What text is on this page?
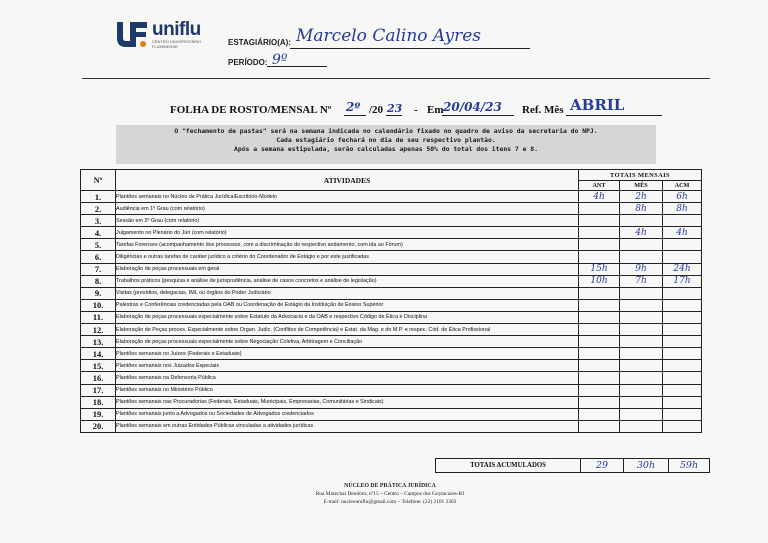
uniflu
CENTRO UNIVERSITÁRIO FLUMINENSE	ESTAGIÁRIO(A): Marcelo Calino Ayres
PERÍODO: 9º
FOLHA DE ROSTO/MENSAL Nº 2º /20 23 - Em 20/04/23 Ref. Mês ABRIL
O "fechamento de pastas" será na semana indicada no calendário fixado no quadro de aviso da secretaria do NPJ.
Cada estagiário fechará no dia de seu respectivo plantão.
Após a semana estipulada, serão calculadas apenas 50% do total dos itens 7 e 8.
Nº	ATIVIDADES	TOTAIS MENSAIS		
		ANT	MÊS	ACM
1.	Plantões semanais no Núcleo de Prática Jurídica/Escritório-Modelo	4h	2h	6h
2.	Audiência em 1º Grau (com relatório)		8h	8h
3.	Sessão em 2º Grau (com relatório)			
4.	Julgamento no Plenário do Júri (com relatório)		4h	4h
5.	Tarefas Forenses (acompanhamento dos processos, com a discriminação do respectivo andamento, com ida ao Fórum)			
6.	Diligências e outras tarefas de caráter jurídico a critério do Coordenador de Estágio e por este justificadas			
7.	Elaboração de peças processuais em geral	15h	9h	24h
8.	Trabalhos práticos (pesquisa e análise de jurisprudência, análise de casos concretos e análise de legislação)	10h	7h	17h
9.	Visitas (presídios, delegacias, IML ou órgãos do Poder Judiciário			
10.	Palestras e Conferências credenciadas pela OAB ou Coordenação de Estágio da Instituição de Ensino Superior			
11.	Elaboração de peças processuais especialmente sobre Estatuto da Advocacia e da OAB e respectivo Código de Ética e Disciplina			
12.	Elaboração de Peças proces. Especialmente sobre Organ. Judic. (Conflitos de Competência) e Estat. da Mag. e do M.P. e respec. Cód. de Ética Profissional			
13.	Elaboração de peças processuais especialmente sobre Negociação Coletiva, Arbitragem e Conciliação			
14.	Plantões semanais no Juizes (Federais e Estaduais)			
15.	Plantões semanais nos Juizados Especiais			
16.	Plantões semanais na Defensoria Pública			
17.	Plantões semanais no Ministério Público			
18.	Plantões semanais nas Procuradorias (Federais, Estaduais, Municipais, Empresarias, Comunitárias e Sindicais)			
19.	Plantões semanais junto a Advogados ou Sociedades de Advogados credenciados			
20.	Plantões semanais em outras Entidades Públicas vinculadas a atividades jurídicas			
TOTAIS ACUMULADOS	29	30h	59h
NÚCLEO DE PRÁTICA JURÍDICA
Rua Marechal Deodoro, nº15 – Centro – Campos dos Goytacazes-RJ
E-mail: nucleouniflu@gmail.com – Telefone: (22) 2101 3363
